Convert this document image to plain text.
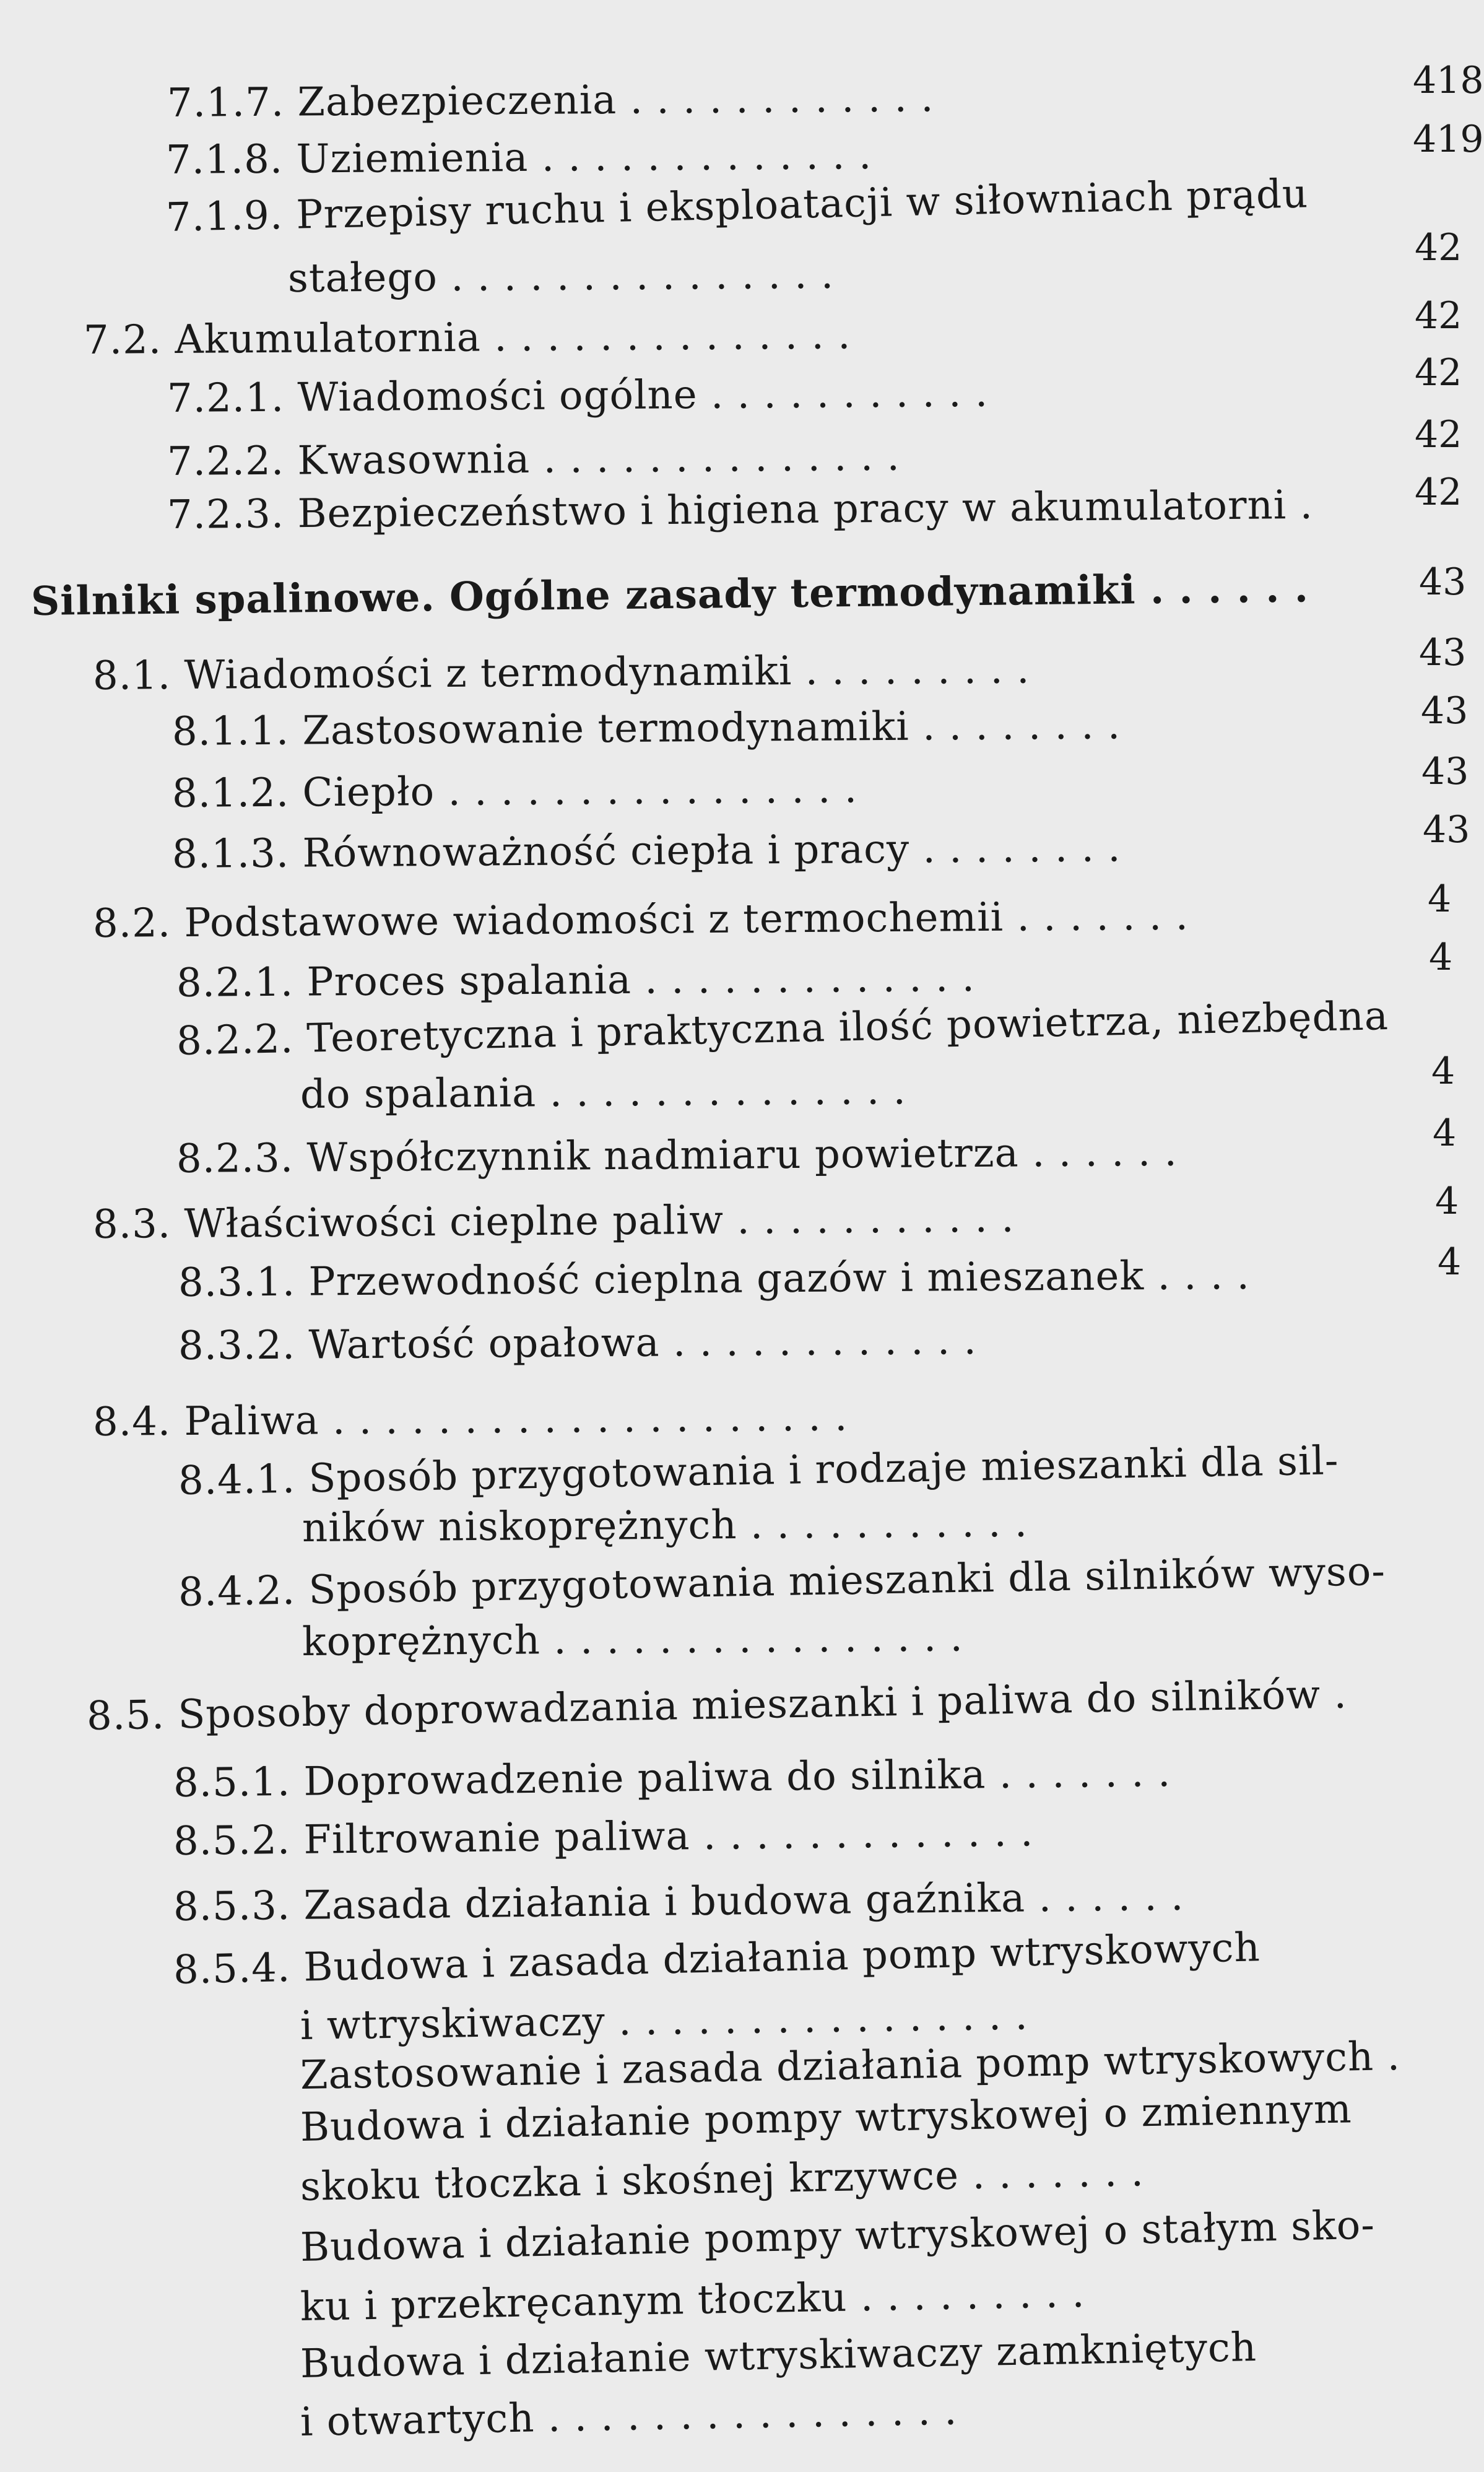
7.1.7. Zabezpieczenia . . . . . . . . . . . .
7.1.8. Uziemienia . . . . . . . . . . . . .
7.1.9. Przepisy ruchu i eksploatacji w siłowniach prądu
stałego . . . . . . . . . . . . . . .
7.2. Akumulatornia . . . . . . . . . . . . . .
7.2.1. Wiadomości ogólne . . . . . . . . . . .
7.2.2. Kwasownia . . . . . . . . . . . . . .
7.2.3. Bezpieczeństwo i higiena pracy w akumulatorni .
Silniki spalinowe. Ogólne zasady termodynamiki . . . . . .
8.1. Wiadomości z termodynamiki . . . . . . . . .
8.1.1. Zastosowanie termodynamiki . . . . . . . .
8.1.2. Ciepło . . . . . . . . . . . . . . . .
8.1.3. Równoważność ciepła i pracy . . . . . . . .
8.2. Podstawowe wiadomości z termochemii . . . . . . .
8.2.1. Proces spalania . . . . . . . . . . . . .
8.2.2. Teoretyczna i praktyczna ilość powietrza, niezbędna
do spalania . . . . . . . . . . . . . .
8.2.3. Współczynnik nadmiaru powietrza . . . . . .
8.3. Właściwości cieplne paliw . . . . . . . . . . .
8.3.1. Przewodność cieplna gazów i mieszanek . . . .
8.3.2. Wartość opałowa . . . . . . . . . . . .
8.4. Paliwa . . . . . . . . . . . . . . . . . . . .
8.4.1. Sposób przygotowania i rodzaje mieszanki dla sil-
ników niskoprężnych . . . . . . . . . . .
8.4.2. Sposób przygotowania mieszanki dla silników wyso-
koprężnych . . . . . . . . . . . . . . . .
8.5. Sposoby doprowadzania mieszanki i paliwa do silników .
8.5.1. Doprowadzenie paliwa do silnika . . . . . . .
8.5.2. Filtrowanie paliwa . . . . . . . . . . . . .
8.5.3. Zasada działania i budowa gaźnika . . . . . .
8.5.4. Budowa i zasada działania pomp wtryskowych
i wtryskiwaczy . . . . . . . . . . . . . . . .
Zastosowanie i zasada działania pomp wtryskowych .
Budowa i działanie pompy wtryskowej o zmiennym
skoku tłoczka i skośnej krzywce . . . . . . .
Budowa i działanie pompy wtryskowej o stałym sko-
ku i przekręcanym tłoczku . . . . . . . . .
Budowa i działanie wtryskiwaczy zamkniętych
i otwartych . . . . . . . . . . . . . . . .
418
419
42
42
42
42
42
43
43
43
43
43
4
4
4
4
4
4
